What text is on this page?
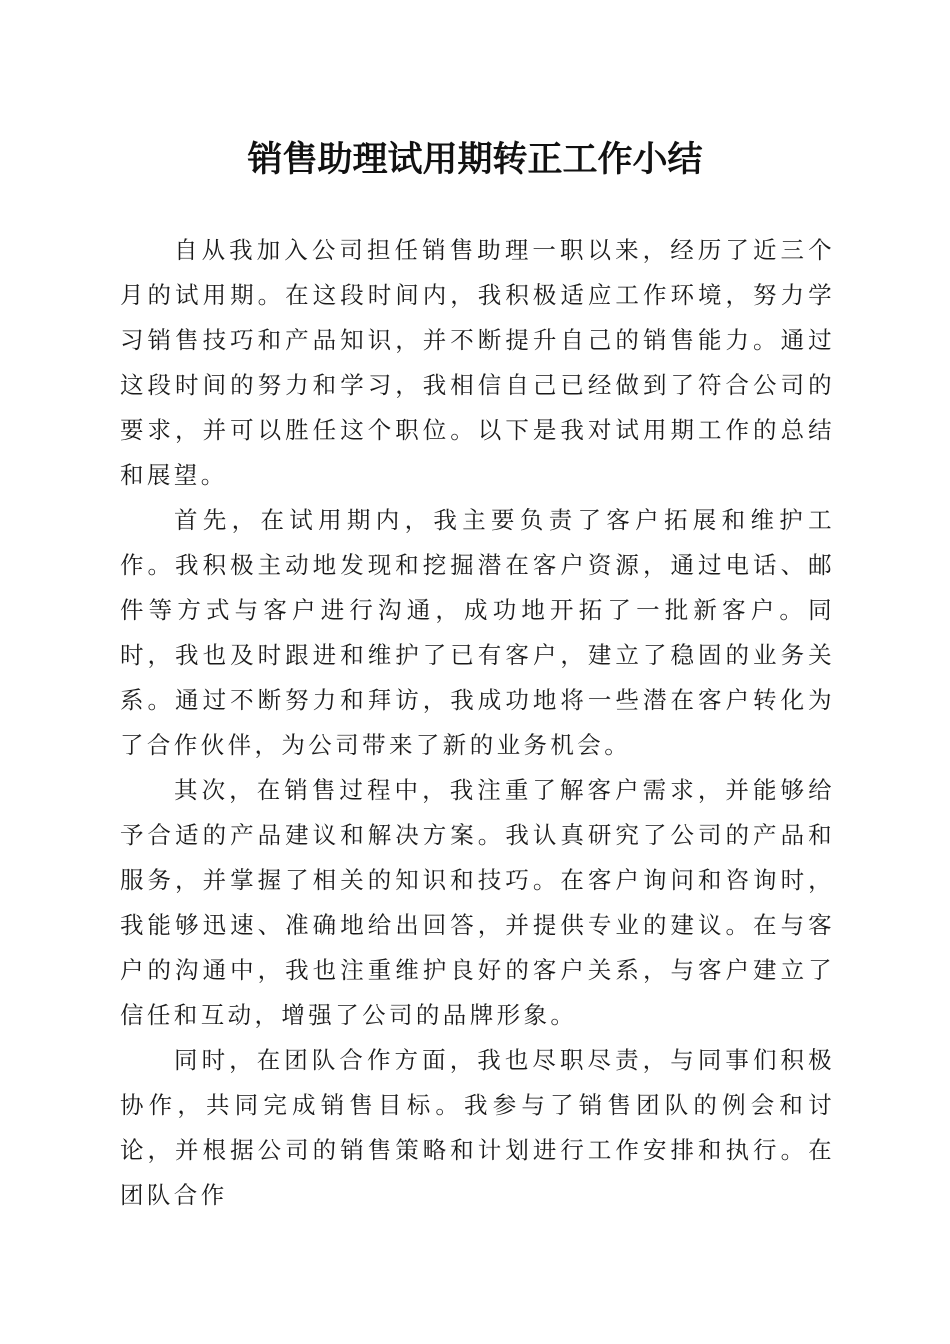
销售助理试用期转正工作小结

自从我加入公司担任销售助理一职以来，经历了近三个月的试用期。在这段时间内，我积极适应工作环境，努力学习销售技巧和产品知识，并不断提升自己的销售能力。通过这段时间的努力和学习，我相信自己已经做到了符合公司的要求，并可以胜任这个职位。以下是我对试用期工作的总结和展望。

首先，在试用期内，我主要负责了客户拓展和维护工作。我积极主动地发现和挖掘潜在客户资源，通过电话、邮件等方式与客户进行沟通，成功地开拓了一批新客户。同时，我也及时跟进和维护了已有客户，建立了稳固的业务关系。通过不断努力和拜访，我成功地将一些潜在客户转化为了合作伙伴，为公司带来了新的业务机会。

其次，在销售过程中，我注重了解客户需求，并能够给予合适的产品建议和解决方案。我认真研究了公司的产品和服务，并掌握了相关的知识和技巧。在客户询问和咨询时，我能够迅速、准确地给出回答，并提供专业的建议。在与客户的沟通中，我也注重维护良好的客户关系，与客户建立了信任和互动，增强了公司的品牌形象。

同时，在团队合作方面，我也尽职尽责，与同事们积极协作，共同完成销售目标。我参与了销售团队的例会和讨论，并根据公司的销售策略和计划进行工作安排和执行。在团队合作
